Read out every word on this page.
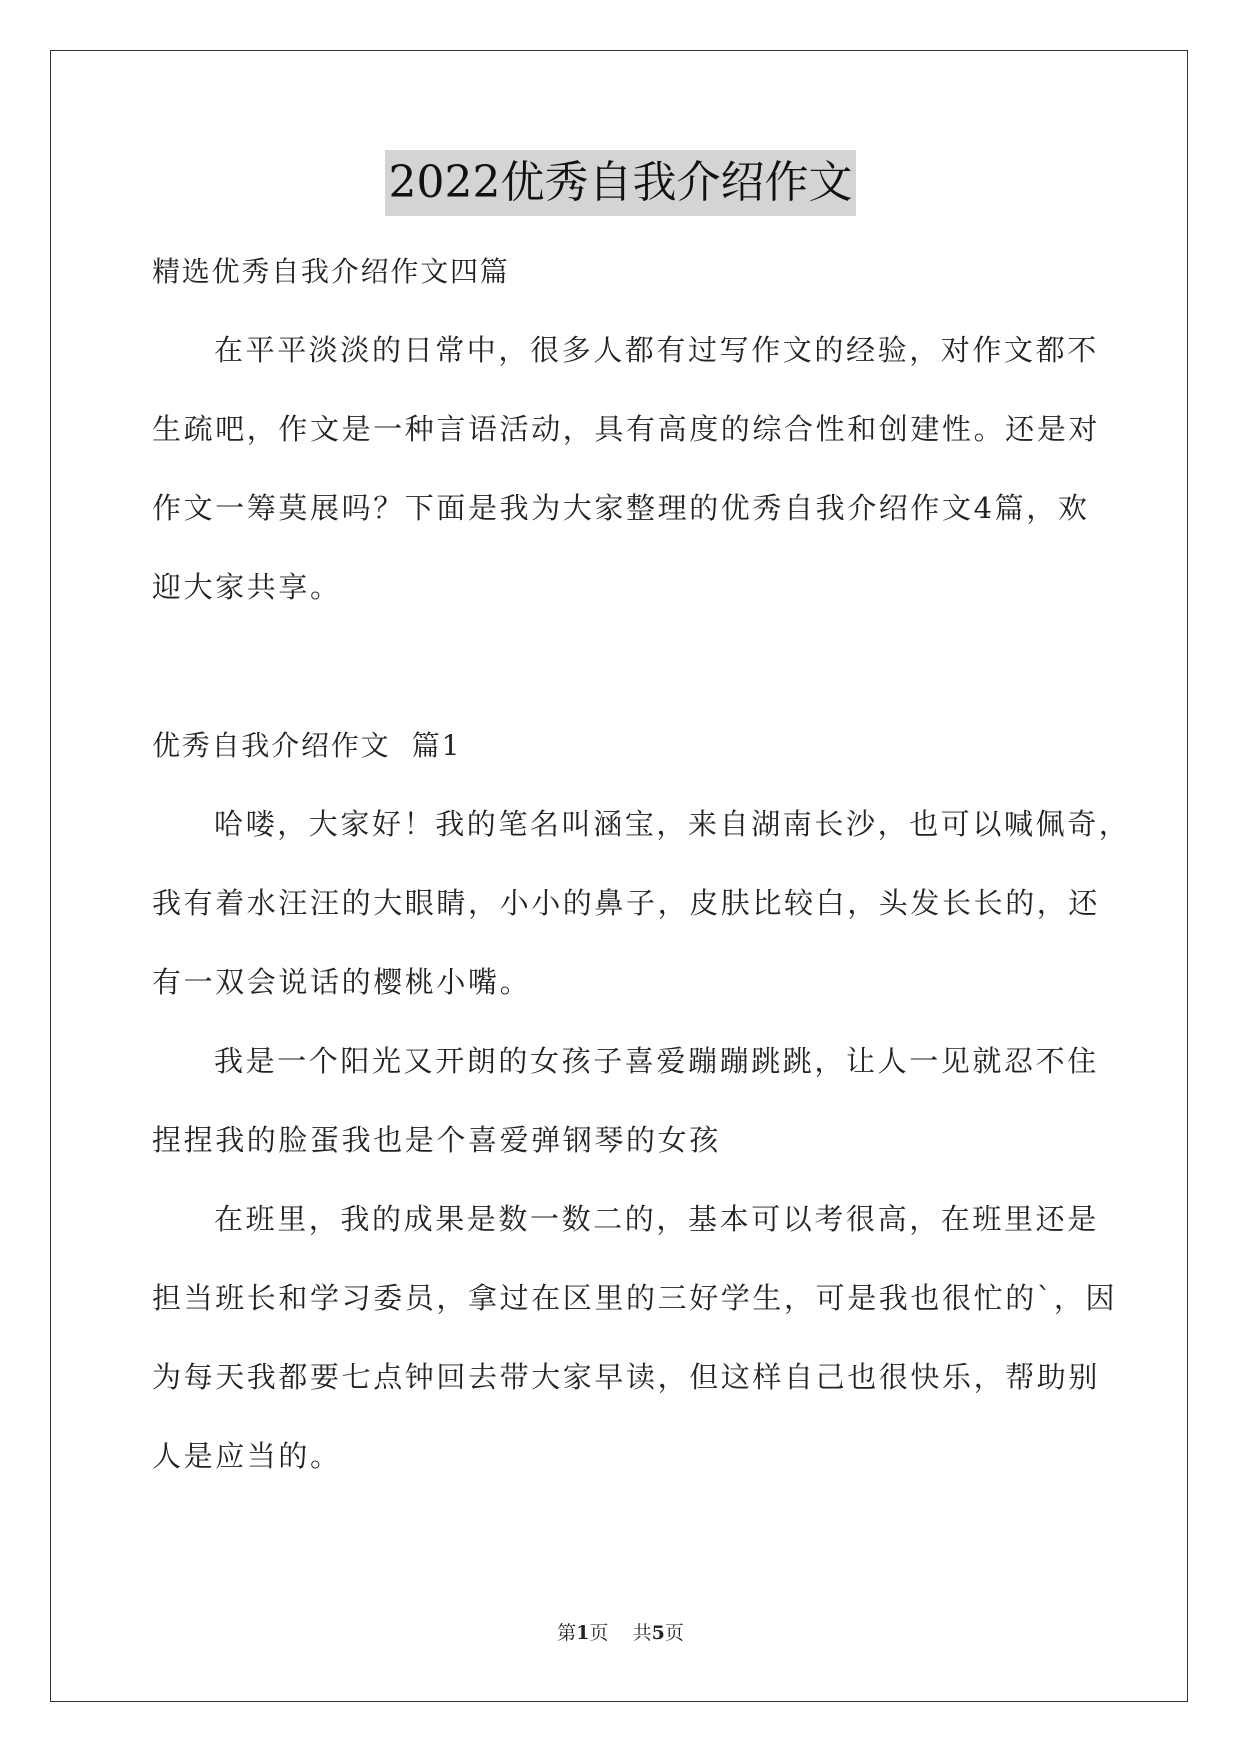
2022优秀自我介绍作文

精选优秀自我介绍作文四篇

在平平淡淡的日常中，很多人都有过写作文的经验，对作文都不

生疏吧，作文是一种言语活动，具有高度的综合性和创建性。还是对

作文一筹莫展吗？下面是我为大家整理的优秀自我介绍作文4篇，欢

迎大家共享。

优秀自我介绍作文  篇1

哈喽，大家好！我的笔名叫涵宝，来自湖南长沙，也可以喊佩奇，

我有着水汪汪的大眼睛，小小的鼻子，皮肤比较白，头发长长的，还

有一双会说话的樱桃小嘴。

我是一个阳光又开朗的女孩子喜爱蹦蹦跳跳，让人一见就忍不住

捏捏我的脸蛋我也是个喜爱弹钢琴的女孩

在班里，我的成果是数一数二的，基本可以考很高，在班里还是

担当班长和学习委员，拿过在区里的三好学生，可是我也很忙的`，因

为每天我都要七点钟回去带大家早读，但这样自己也很快乐，帮助别

人是应当的。

第1页 共5页
